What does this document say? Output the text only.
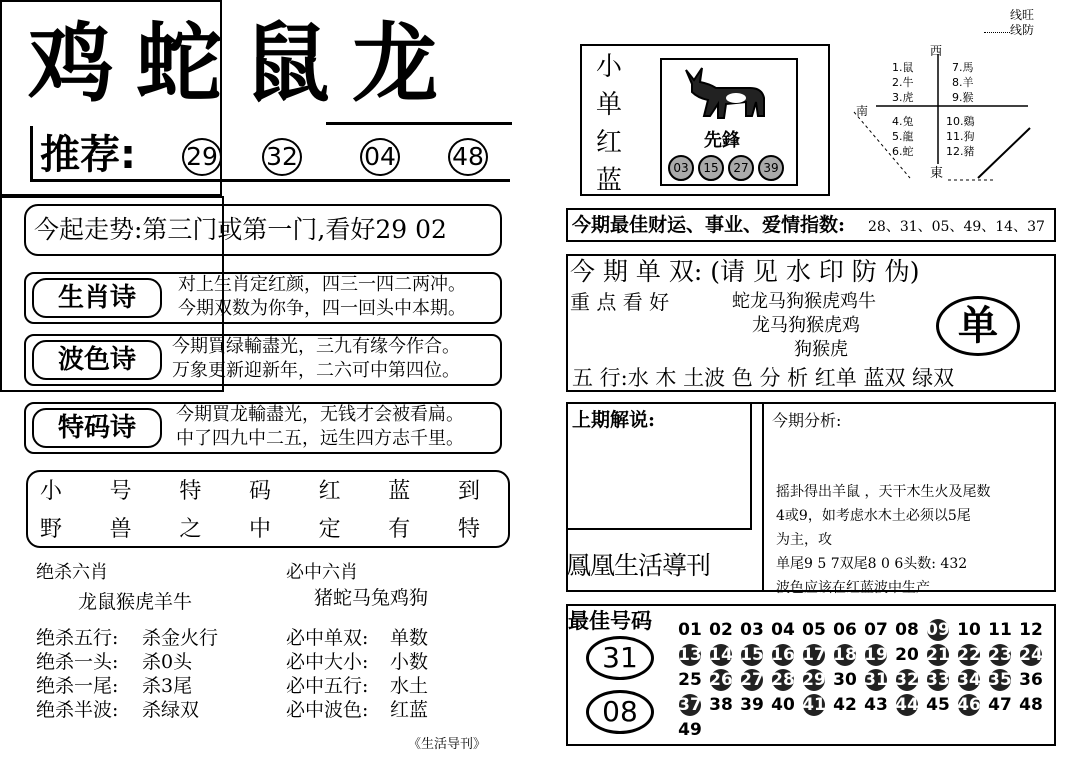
鸡蛇鼠龙
推荐: 29 32	04 48
今起走势:第三门或第一门,看好29 02
生肖诗	对上生肖定红颜，四三一四二两冲。
今期双数为你争，四一回头中本期。
波色诗	今期買绿輸盡光，三九有缘今作合。
万象更新迎新年，二六可中第四位。
特码诗	今期買龙輸盡光，无钱才会被看扁。
中了四九中二五，远生四方志千里。
小 号 特 码 红 蓝 到
野 兽 之 中 定 有 特
绝杀六肖
龙鼠猴虎羊牛
绝杀五行: 杀金火行
绝杀一头: 杀0头
绝杀一尾: 杀3尾
绝杀半波: 杀绿双
必中六肖
猪蛇马兔鸡狗
必中单双: 单数
必中大小: 小数
必中五行: 水土
必中波色: 红蓝
《生活导刊》
小
单
红
蓝
先鋒
03	15	27	39
线旺
线防
西
南
東
1.鼠
2.牛
3.虎
4.兔
5.龍
6.蛇
7.馬
8.羊
9.猴
10.鷄
11.狗
12.豬
今期最佳财运、事业、爱情指数: 28、31、05、49、14、37
今 期 单 双: (请 见 水 印 防 伪)
重 点 看 好	蛇龙马狗猴虎鸡牛
龙马狗猴虎鸡
狗猴虎
单
五 行:水 木 土波 色 分 析 红单 蓝双 绿双
上期解说:	今期分析:
鳳凰生活導刊
摇卦得出羊鼠 ，天干木生火及尾数
4或9，如考虑水木土必须以5尾
为主，攻
单尾9 5 7双尾8 0 6头数: 432
波色应该在红蓝波中生产
最佳号码
31
08
01 02 03 04 05 06 07 08 09 10 11 12
13 14 15 16 17 18 19 20 21 22 23 24
25 26 27 28 29 30 31 32 33 34 35 36
37 38 39 40 41 42 43 44 45 46 47 48
49
